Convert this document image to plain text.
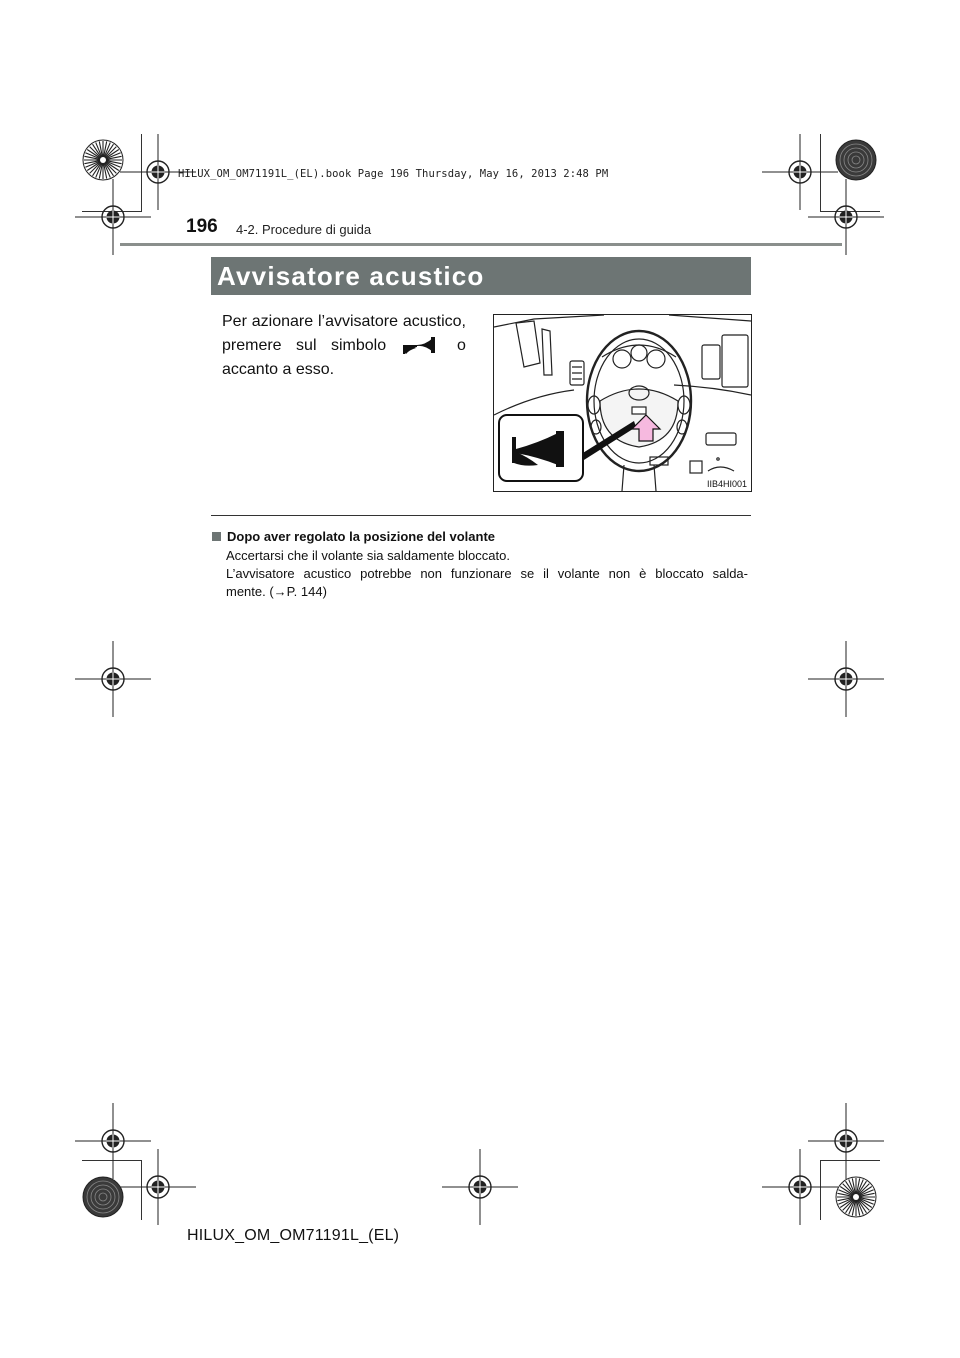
HILUX_OM_OM71191L_(EL).book Page 196 Thursday, May 16, 2013 2:48 PM
196 4-2. Procedure di guida
Avvisatore acustico
Per azionare l’avvisatore acustico,
premere sul simbolo	o
accanto a esso.
IIB4HI001
Dopo aver regolato la posizione del volante
Accertarsi che il volante sia saldamente bloccato.
L’avvisatore acustico potrebbe non funzionare se il volante non è bloccato salda-
mente. (→P. 144)
HILUX_OM_OM71191L_(EL)
